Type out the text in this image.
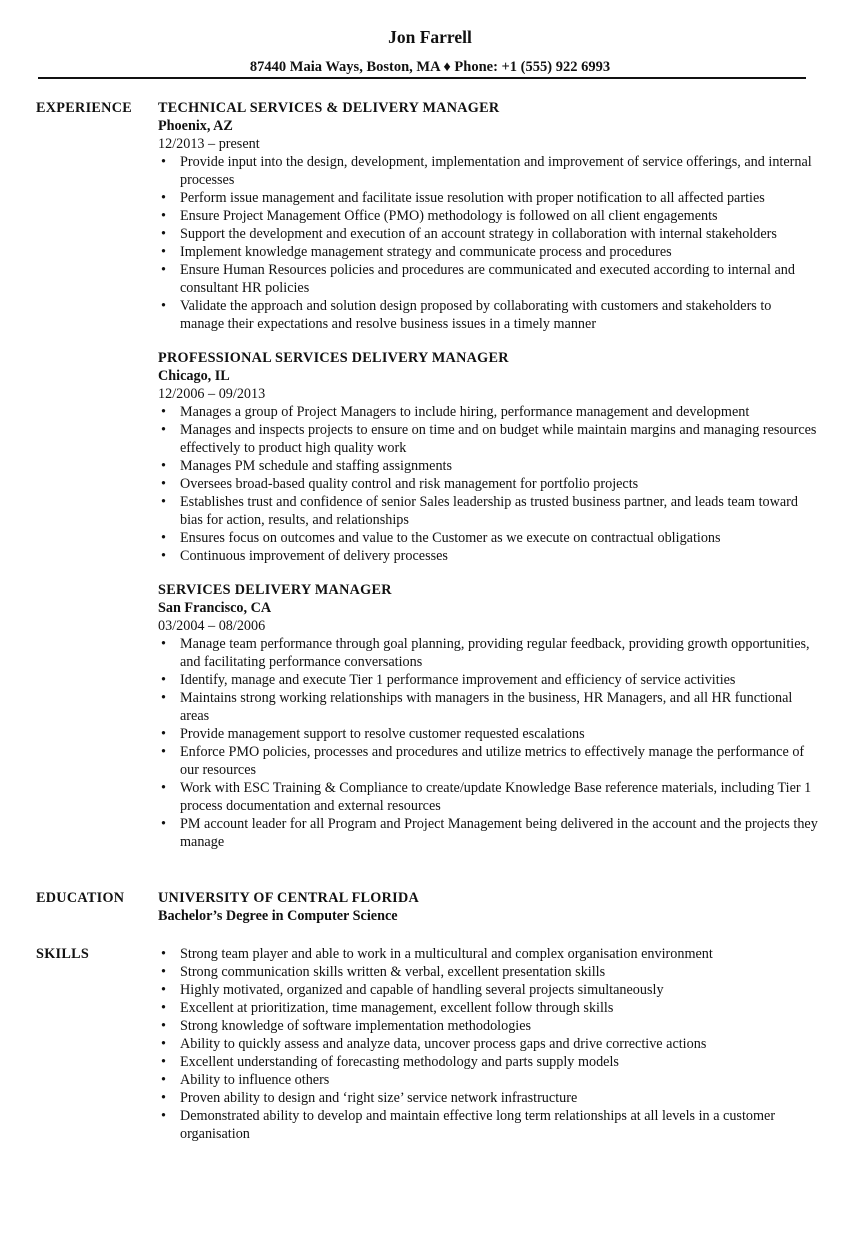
Jon Farrell
87440 Maia Ways, Boston, MA ♦ Phone: +1 (555) 922 6993
EXPERIENCE TECHNICAL SERVICES & DELIVERY MANAGER
Phoenix, AZ
12/2013 – present
• Provide input into the design, development, implementation and improvement of service offerings, and internal processes
• Perform issue management and facilitate issue resolution with proper notification to all affected parties
• Ensure Project Management Office (PMO) methodology is followed on all client engagements
• Support the development and execution of an account strategy in collaboration with internal stakeholders
• Implement knowledge management strategy and communicate process and procedures
• Ensure Human Resources policies and procedures are communicated and executed according to internal and consultant HR policies
• Validate the approach and solution design proposed by collaborating with customers and stakeholders to manage their expectations and resolve business issues in a timely manner
PROFESSIONAL SERVICES DELIVERY MANAGER
Chicago, IL
12/2006 – 09/2013
• Manages a group of Project Managers to include hiring, performance management and development
• Manages and inspects projects to ensure on time and on budget while maintain margins and managing resources effectively to product high quality work
• Manages PM schedule and staffing assignments
• Oversees broad-based quality control and risk management for portfolio projects
• Establishes trust and confidence of senior Sales leadership as trusted business partner, and leads team toward bias for action, results, and relationships
• Ensures focus on outcomes and value to the Customer as we execute on contractual obligations
• Continuous improvement of delivery processes
SERVICES DELIVERY MANAGER
San Francisco, CA
03/2004 – 08/2006
• Manage team performance through goal planning, providing regular feedback, providing growth opportunities, and facilitating performance conversations
• Identify, manage and execute Tier 1 performance improvement and efficiency of service activities
• Maintains strong working relationships with managers in the business, HR Managers, and all HR functional areas
• Provide management support to resolve customer requested escalations
• Enforce PMO policies, processes and procedures and utilize metrics to effectively manage the performance of our resources
• Work with ESC Training & Compliance to create/update Knowledge Base reference materials, including Tier 1 process documentation and external resources
• PM account leader for all Program and Project Management being delivered in the account and the projects they manage
EDUCATION UNIVERSITY OF CENTRAL FLORIDA
Bachelor’s Degree in Computer Science
SKILLS	• Strong team player and able to work in a multicultural and complex organisation environment
• Strong communication skills written & verbal, excellent presentation skills
• Highly motivated, organized and capable of handling several projects simultaneously
• Excellent at prioritization, time management, excellent follow through skills
• Strong knowledge of software implementation methodologies
• Ability to quickly assess and analyze data, uncover process gaps and drive corrective actions
• Excellent understanding of forecasting methodology and parts supply models
• Ability to influence others
• Proven ability to design and ‘right size’ service network infrastructure
• Demonstrated ability to develop and maintain effective long term relationships at all levels in a customer organisation
